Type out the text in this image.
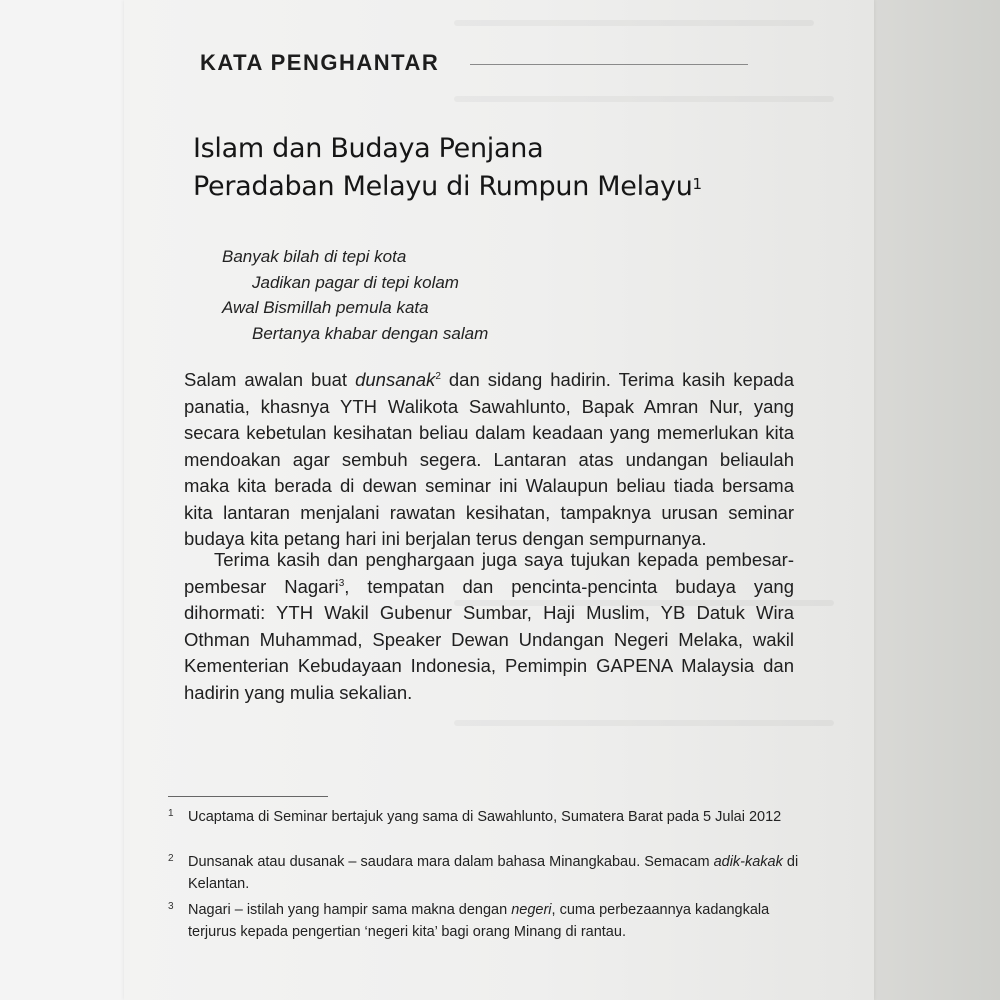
KATA PENGHANTAR
Islam dan Budaya Penjana
Peradaban Melayu di Rumpun Melayu$^1$
Banyak bilah di tepi kota
Jadikan pagar di tepi kolam
Awal Bismillah pemula kata
Bertanya khabar dengan salam

Salam awalan buat dunsanak$^2$ dan sidang hadirin. Terima kasih kepada panatia, khasnya YTH Walikota Sawahlunto, Bapak Amran Nur, yang secara kebetulan kesihatan beliau dalam keadaan yang memerlukan kita mendoakan agar sembuh segera. Lantaran atas undangan beliaulah maka kita berada di dewan seminar ini Walaupun beliau tiada bersama kita lantaran menjalani rawatan kesihatan, tampaknya urusan seminar budaya kita petang hari ini berjalan terus dengan sempurnanya.

Terima kasih dan penghargaan juga saya tujukan kepada pembesar-pembesar Nagari$^3$, tempatan dan pencinta-pencinta budaya yang dihormati: YTH Wakil Gubenur Sumbar, Haji Muslim, YB Datuk Wira Othman Muhammad, Speaker Dewan Undangan Negeri Melaka, wakil Kementerian Kebudayaan Indonesia, Pemimpin GAPENA Malaysia dan hadirin yang mulia sekalian.

1 Ucaptama di Seminar bertajuk yang sama di Sawahlunto, Sumatera Barat pada 5 Julai 2012
2 Dunsanak atau dusanak – saudara mara dalam bahasa Minangkabau. Semacam adik-kakak di Kelantan.
3 Nagari – istilah yang hampir sama makna dengan negeri, cuma perbezaannya kadangkala terjurus kepada pengertian ‘negeri kita’ bagi orang Minang di rantau.
